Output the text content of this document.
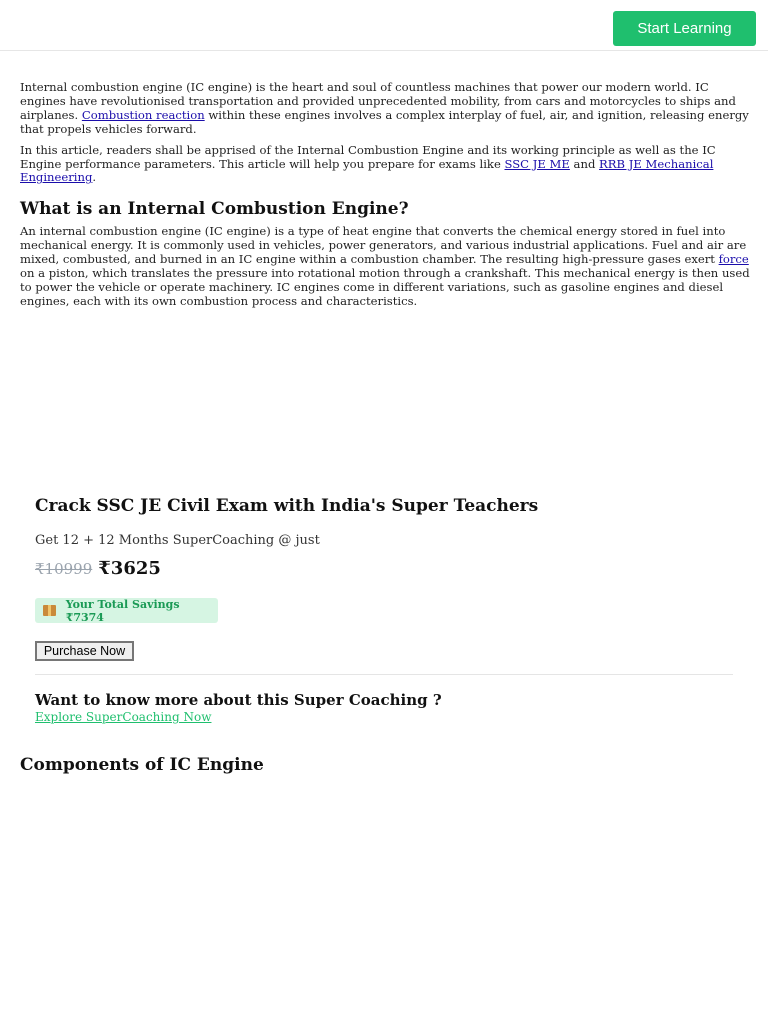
Start Learning

Internal combustion engine (IC engine) is the heart and soul of countless machines that power our modern world. IC engines have revolutionised transportation and provided unprecedented mobility, from cars and motorcycles to ships and airplanes. Combustion reaction within these engines involves a complex interplay of fuel, air, and ignition, releasing energy that propels vehicles forward.

In this article, readers shall be apprised of the Internal Combustion Engine and its working principle as well as the IC Engine performance parameters. This article will help you prepare for exams like SSC JE ME and RRB JE Mechanical Engineering.

What is an Internal Combustion Engine?

An internal combustion engine (IC engine) is a type of heat engine that converts the chemical energy stored in fuel into mechanical energy. It is commonly used in vehicles, power generators, and various industrial applications. Fuel and air are mixed, combusted, and burned in an IC engine within a combustion chamber. The resulting high-pressure gases exert force on a piston, which translates the pressure into rotational motion through a crankshaft. This mechanical energy is then used to power the vehicle or operate machinery. IC engines come in different variations, such as gasoline engines and diesel engines, each with its own combustion process and characteristics.

Crack SSC JE Civil Exam with India's Super Teachers
Get 12 + 12 Months SuperCoaching @ just
₹10999 ₹3625
Your Total Savings ₹7374
Purchase Now
Want to know more about this Super Coaching ?
Explore SuperCoaching Now
Components of IC Engine
